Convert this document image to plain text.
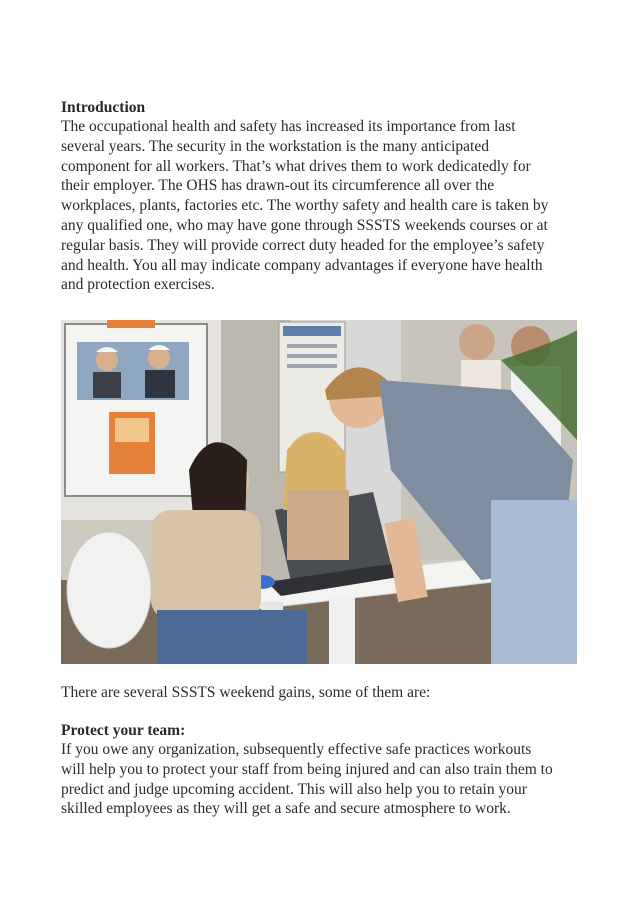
Introduction

The occupational health and safety has increased its importance from last

several years. The security in the workstation is the many anticipated

component for all workers. That’s what drives them to work dedicatedly for

their employer. The OHS has drawn-out its circumference all over the

workplaces, plants, factories etc. The worthy safety and health care is taken by

any qualified one, who may have gone through SSSTS weekends courses or at

regular basis. They will provide correct duty headed for the employee’s safety

and health. You all may indicate company advantages if everyone have health

and protection exercises.

There are several SSSTS weekend gains, some of them are:

Protect your team:

If you owe any organization, subsequently effective safe practices workouts

will help you to protect your staff from being injured and can also train them to

predict and judge upcoming accident. This will also help you to retain your

skilled employees as they will get a safe and secure atmosphere to work.
